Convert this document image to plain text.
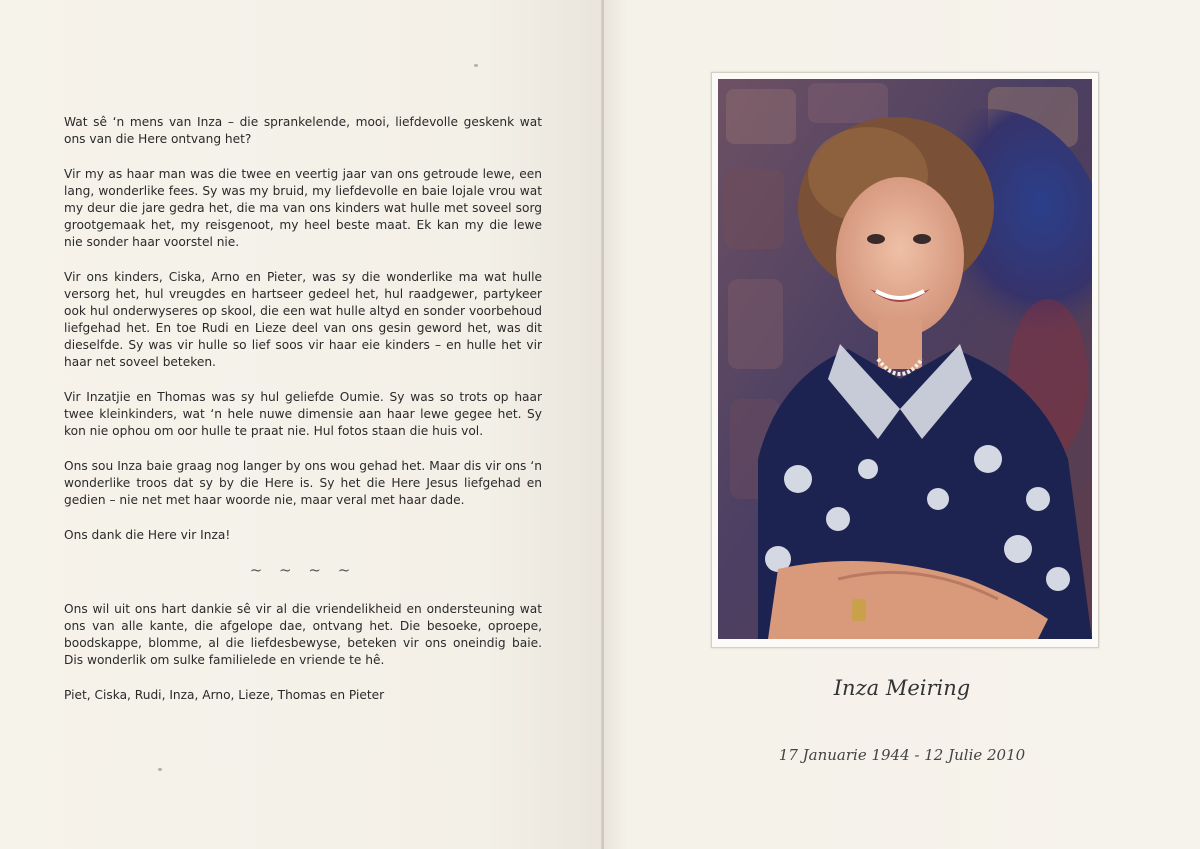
Wat sê ‘n mens van Inza – die sprankelende, mooi, liefdevolle geskenk wat ons van die Here ontvang het?

Vir my as haar man was die twee en veertig jaar van ons getroude lewe, een lang, wonderlike fees. Sy was my bruid, my liefdevolle en baie lojale vrou wat my deur die jare gedra het, die ma van ons kinders wat hulle met soveel sorg grootgemaak het, my reisgenoot, my heel beste maat. Ek kan my die lewe nie sonder haar voorstel nie.

Vir ons kinders, Ciska, Arno en Pieter, was sy die wonderlike ma wat hulle versorg het, hul vreugdes en hartseer gedeel het, hul raadgewer, partykeer ook hul onderwyseres op skool, die een wat hulle altyd en sonder voorbehoud liefgehad het. En toe Rudi en Lieze deel van ons gesin geword het, was dit dieselfde. Sy was vir hulle so lief soos vir haar eie kinders – en hulle het vir haar net soveel beteken.

Vir Inzatjie en Thomas was sy hul geliefde Oumie. Sy was so trots op haar twee kleinkinders, wat ‘n hele nuwe dimensie aan haar lewe gegee het. Sy kon nie ophou om oor hulle te praat nie. Hul fotos staan die huis vol.

Ons sou Inza baie graag nog langer by ons wou gehad het. Maar dis vir ons ‘n wonderlike troos dat sy by die Here is. Sy het die Here Jesus liefgehad en gedien – nie net met haar woorde nie, maar veral met haar dade.

Ons dank die Here vir Inza!

~ ~ ~ ~

Ons wil uit ons hart dankie sê vir al die vriendelikheid en ondersteuning wat ons van alle kante, die afgelope dae, ontvang het. Die besoeke, oproepe, boodskappe, blomme, al die liefdesbewyse, beteken vir ons oneindig baie. Dis wonderlik om sulke familielede en vriende te hê.

Piet, Ciska, Rudi, Inza, Arno, Lieze, Thomas en Pieter	Inza Meiring
17 Januarie 1944 - 12 Julie 2010
